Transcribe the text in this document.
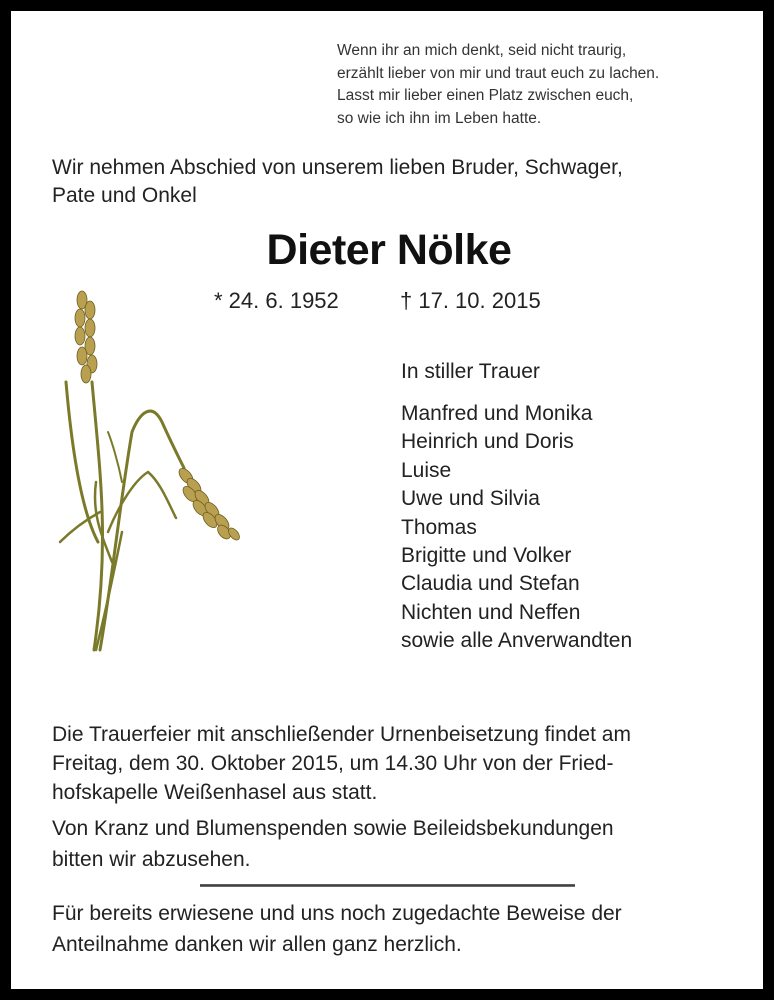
Wenn ihr an mich denkt, seid nicht traurig,
erzählt lieber von mir und traut euch zu lachen.
Lasst mir lieber einen Platz zwischen euch,
so wie ich ihn im Leben hatte.
Wir nehmen Abschied von unserem lieben Bruder, Schwager,
Pate und Onkel
Dieter Nölke
* 24. 6. 1952	† 17. 10. 2015
In stiller Trauer
Manfred und Monika
Heinrich und Doris
Luise
Uwe und Silvia
Thomas
Brigitte und Volker
Claudia und Stefan
Nichten und Neffen
sowie alle Anverwandten
Die Trauerfeier mit anschließender Urnenbeisetzung findet am
Freitag, dem 30. Oktober 2015, um 14.30 Uhr von der Fried-
hofskapelle Weißenhasel aus statt.
Von Kranz und Blumenspenden sowie Beileidsbekundungen
bitten wir abzusehen.
Für bereits erwiesene und uns noch zugedachte Beweise der
Anteilnahme danken wir allen ganz herzlich.
